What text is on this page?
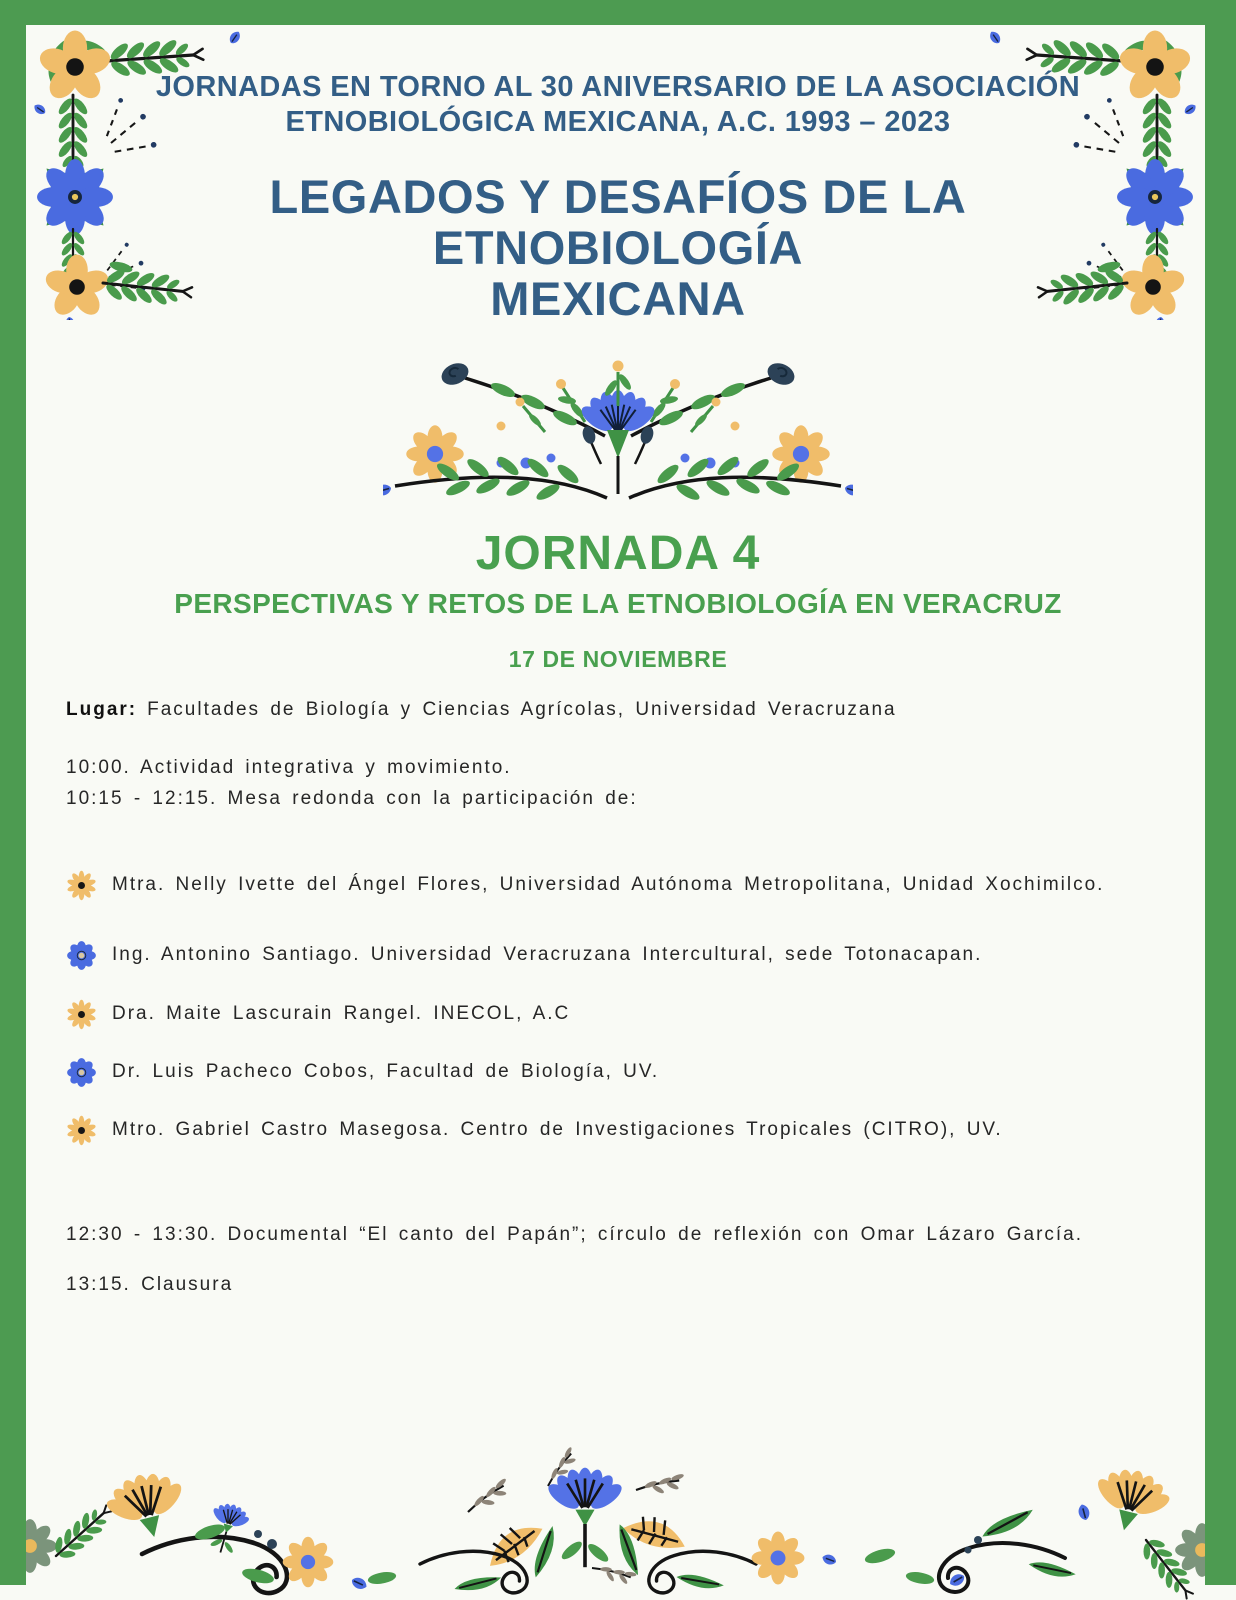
JORNADAS EN TORNO AL 30 ANIVERSARIO DE LA ASOCIACIÓN
ETNOBIOLÓGICA MEXICANA, A.C. 1993 – 2023
LEGADOS Y DESAFÍOS DE LA ETNOBIOLOGÍA
MEXICANA
JORNADA 4
PERSPECTIVAS Y RETOS DE LA ETNOBIOLOGÍA EN VERACRUZ
17 DE NOVIEMBRE
Lugar: Facultades de Biología y Ciencias Agrícolas, Universidad Veracruzana
10:00. Actividad integrativa y movimiento.
10:15 - 12:15. Mesa redonda con la participación de:
Mtra. Nelly Ivette del Ángel Flores, Universidad Autónoma Metropolitana, Unidad Xochimilco.
Ing. Antonino Santiago. Universidad Veracruzana Intercultural, sede Totonacapan.
Dra. Maite Lascurain Rangel. INECOL, A.C
Dr. Luis Pacheco Cobos, Facultad de Biología, UV.
Mtro. Gabriel Castro Masegosa. Centro de Investigaciones Tropicales (CITRO), UV.
12:30 - 13:30. Documental “El canto del Papán”; círculo de reflexión con Omar Lázaro García.
13:15. Clausura
